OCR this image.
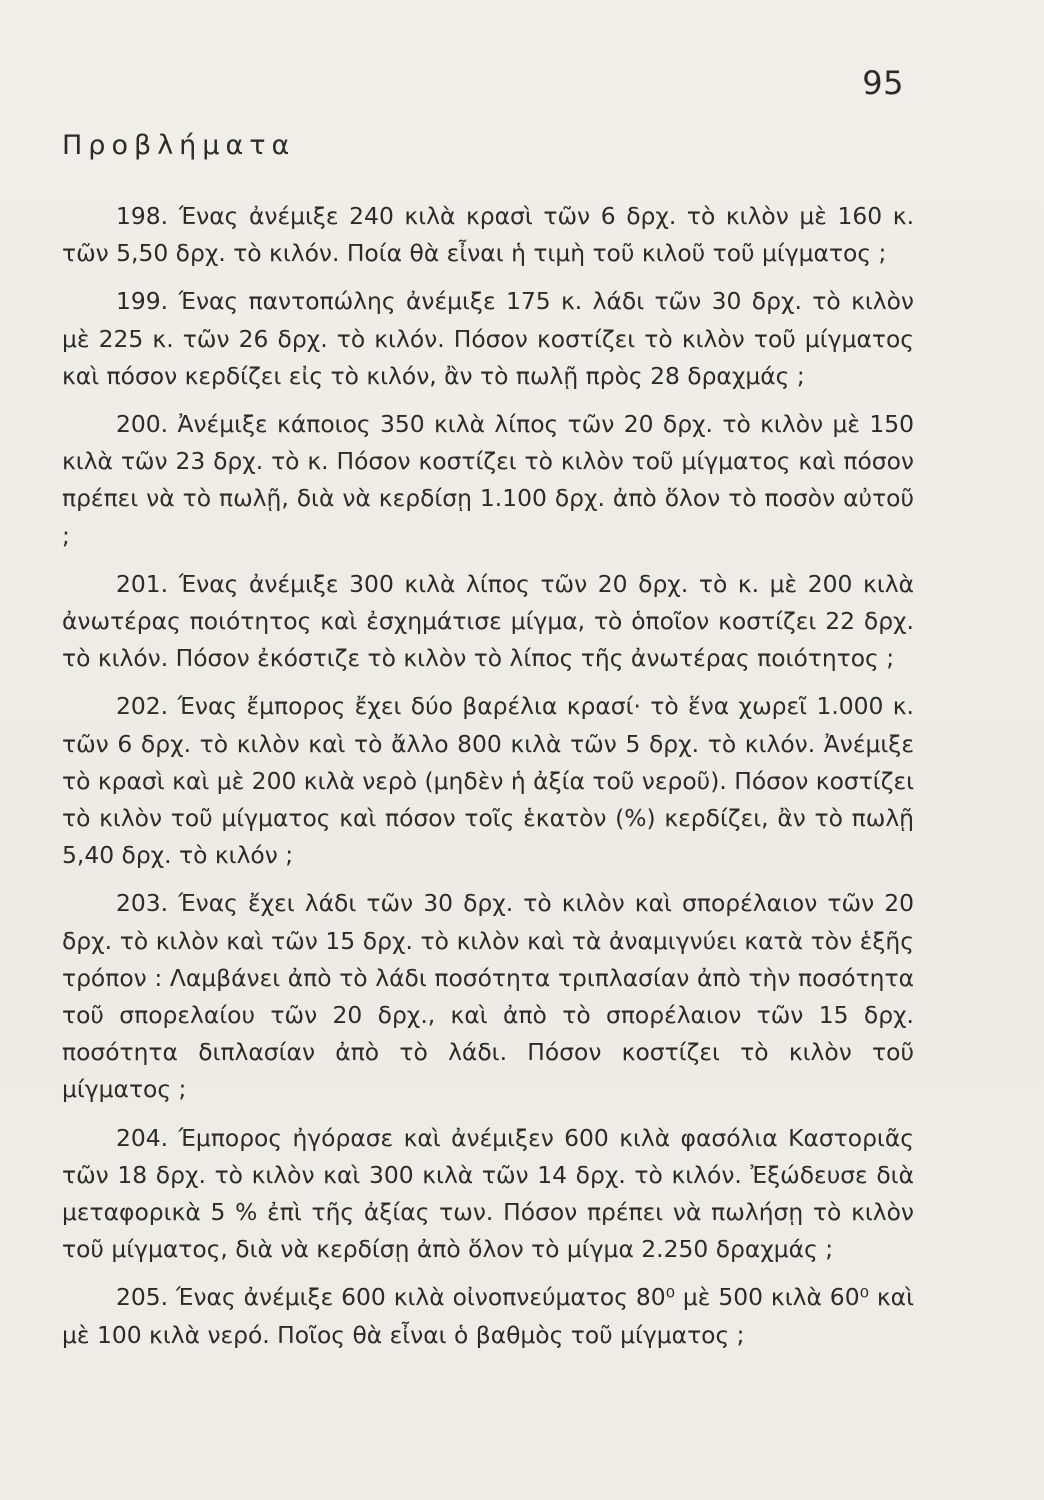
95
Προβλήματα

198. Ένας ἀνέμιξε 240 κιλὰ κρασὶ τῶν 6 δρχ. τὸ κιλὸν μὲ 160 κ. τῶν 5,50 δρχ. τὸ κιλόν. Ποία θὰ εἶναι ἡ τιμὴ τοῦ κιλοῦ τοῦ μίγματος ;

199. Ένας παντοπώλης ἀνέμιξε 175 κ. λάδι τῶν 30 δρχ. τὸ κιλὸν μὲ 225 κ. τῶν 26 δρχ. τὸ κιλόν. Πόσον κοστίζει τὸ κιλὸν τοῦ μίγματος καὶ πόσον κερδίζει εἰς τὸ κιλόν, ἂν τὸ πωλῇ πρὸς 28 δραχμάς ;

200. Ἀνέμιξε κάποιος 350 κιλὰ λίπος τῶν 20 δρχ. τὸ κιλὸν μὲ 150 κιλὰ τῶν 23 δρχ. τὸ κ. Πόσον κοστίζει τὸ κιλὸν τοῦ μίγματος καὶ πόσον πρέπει νὰ τὸ πωλῇ, διὰ νὰ κερδίσῃ 1.100 δρχ. ἀπὸ ὅλον τὸ ποσὸν αὐτοῦ ;

201. Ένας ἀνέμιξε 300 κιλὰ λίπος τῶν 20 δρχ. τὸ κ. μὲ 200 κιλὰ ἀνωτέρας ποιότητος καὶ ἐσχημάτισε μίγμα, τὸ ὁποῖον κοστίζει 22 δρχ. τὸ κιλόν. Πόσον ἐκόστιζε τὸ κιλὸν τὸ λίπος τῆς ἀνωτέρας ποιότητος ;

202. Ένας ἔμπορος ἔχει δύο βαρέλια κρασί· τὸ ἕνα χωρεῖ 1.000 κ. τῶν 6 δρχ. τὸ κιλὸν καὶ τὸ ἄλλο 800 κιλὰ τῶν 5 δρχ. τὸ κιλόν. Ἀνέμιξε τὸ κρασὶ καὶ μὲ 200 κιλὰ νερὸ (μηδὲν ἡ ἀξία τοῦ νεροῦ). Πόσον κοστίζει τὸ κιλὸν τοῦ μίγματος καὶ πόσον τοῖς ἑκατὸν (%) κερδίζει, ἂν τὸ πωλῇ 5,40 δρχ. τὸ κιλόν ;

203. Ένας ἔχει λάδι τῶν 30 δρχ. τὸ κιλὸν καὶ σπορέλαιον τῶν 20 δρχ. τὸ κιλὸν καὶ τῶν 15 δρχ. τὸ κιλὸν καὶ τὰ ἀναμιγνύει κατὰ τὸν ἑξῆς τρόπον : Λαμβάνει ἀπὸ τὸ λάδι ποσότητα τριπλασίαν ἀπὸ τὴν ποσότητα τοῦ σπορελαίου τῶν 20 δρχ., καὶ ἀπὸ τὸ σπορέλαιον τῶν 15 δρχ. ποσότητα διπλασίαν ἀπὸ τὸ λάδι. Πόσον κοστίζει τὸ κιλὸν τοῦ μίγματος ;

204. Έμπορος ἠγόρασε καὶ ἀνέμιξεν 600 κιλὰ φασόλια Καστοριᾶς τῶν 18 δρχ. τὸ κιλὸν καὶ 300 κιλὰ τῶν 14 δρχ. τὸ κιλόν. Ἐξώδευσε διὰ μεταφορικὰ 5 % ἐπὶ τῆς ἀξίας των. Πόσον πρέπει νὰ πωλήσῃ τὸ κιλὸν τοῦ μίγματος, διὰ νὰ κερδίσῃ ἀπὸ ὅλον τὸ μίγμα 2.250 δραχμάς ;

205. Ένας ἀνέμιξε 600 κιλὰ οἰνοπνεύματος 80⁰ μὲ 500 κιλὰ 60⁰ καὶ μὲ 100 κιλὰ νερό. Ποῖος θὰ εἶναι ὁ βαθμὸς τοῦ μίγματος ;
